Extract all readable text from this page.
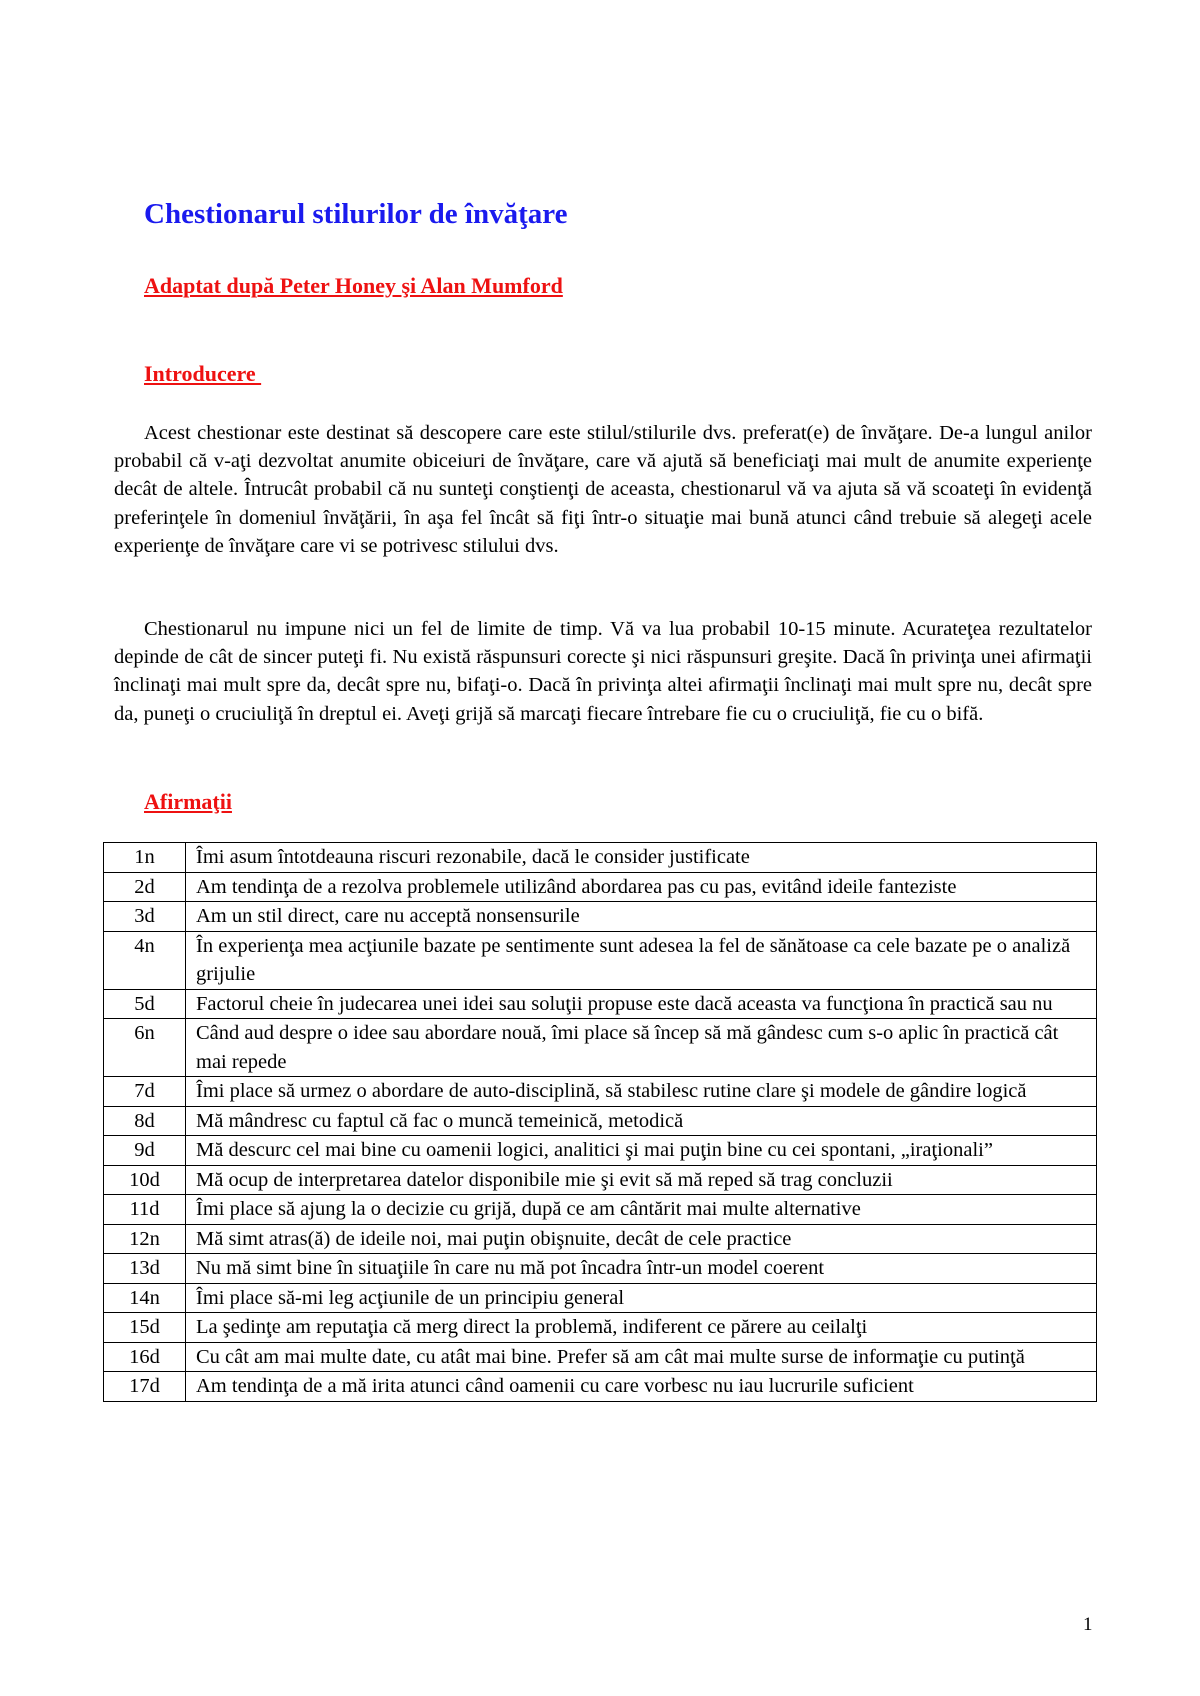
Chestionarul stilurilor de învăţare

Adaptat după Peter Honey şi Alan Mumford

Introducere

Acest chestionar este destinat să descopere care este stilul/stilurile dvs. preferat(e) de învăţare. De-a lungul anilor probabil că v-aţi dezvoltat anumite obiceiuri de învăţare, care vă ajută să beneficiaţi mai mult de anumite experienţe decât de altele. Întrucât probabil că nu sunteţi conştienţi de aceasta, chestionarul vă va ajuta să vă scoateţi în evidenţă preferinţele în domeniul învăţării, în aşa fel încât să fiţi într-o situaţie mai bună atunci când trebuie să alegeţi acele experienţe de învăţare care vi se potrivesc stilului dvs.

Chestionarul nu impune nici un fel de limite de timp. Vă va lua probabil 10-15 minute. Acurateţea rezultatelor depinde de cât de sincer puteţi fi. Nu există răspunsuri corecte şi nici răspunsuri greşite. Dacă în privinţa unei afirmaţii înclinaţi mai mult spre da, decât spre nu, bifaţi-o. Dacă în privinţa altei afirmaţii înclinaţi mai mult spre nu, decât spre da, puneţi o cruciuliţă în dreptul ei. Aveţi grijă să marcaţi fiecare întrebare fie cu o cruciuliţă, fie cu o bifă.

Afirmaţii

1n	Îmi asum întotdeauna riscuri rezonabile, dacă le consider justificate
2d	Am tendinţa de a rezolva problemele utilizând abordarea pas cu pas, evitând ideile fanteziste
3d	Am un stil direct, care nu acceptă nonsensurile
4n	În experienţa mea acţiunile bazate pe sentimente sunt adesea la fel de sănătoase ca cele bazate pe o analiză grijulie
5d	Factorul cheie în judecarea unei idei sau soluţii propuse este dacă aceasta va funcţiona în practică sau nu
6n	Când aud despre o idee sau abordare nouă, îmi place să încep să mă gândesc cum s-o aplic în practică cât mai repede
7d	Îmi place să urmez o abordare de auto-disciplină, să stabilesc rutine clare şi modele de gândire logică
8d	Mă mândresc cu faptul că fac o muncă temeinică, metodică
9d	Mă descurc cel mai bine cu oamenii logici, analitici şi mai puţin bine cu cei spontani, „iraţionali”
10d	Mă ocup de interpretarea datelor disponibile mie şi evit să mă reped să trag concluzii
11d	Îmi place să ajung la o decizie cu grijă, după ce am cântărit mai multe alternative
12n	Mă simt atras(ă) de ideile noi, mai puţin obişnuite, decât de cele practice
13d	Nu mă simt bine în situaţiile în care nu mă pot încadra într-un model coerent
14n	Îmi place să-mi leg acţiunile de un principiu general
15d	La şedinţe am reputaţia că merg direct la problemă, indiferent ce părere au ceilalţi
16d	Cu cât am mai multe date, cu atât mai bine. Prefer să am cât mai multe surse de informaţie cu putinţă
17d	Am tendinţa de a mă irita atunci când oamenii cu care vorbesc nu iau lucrurile suficient

1
